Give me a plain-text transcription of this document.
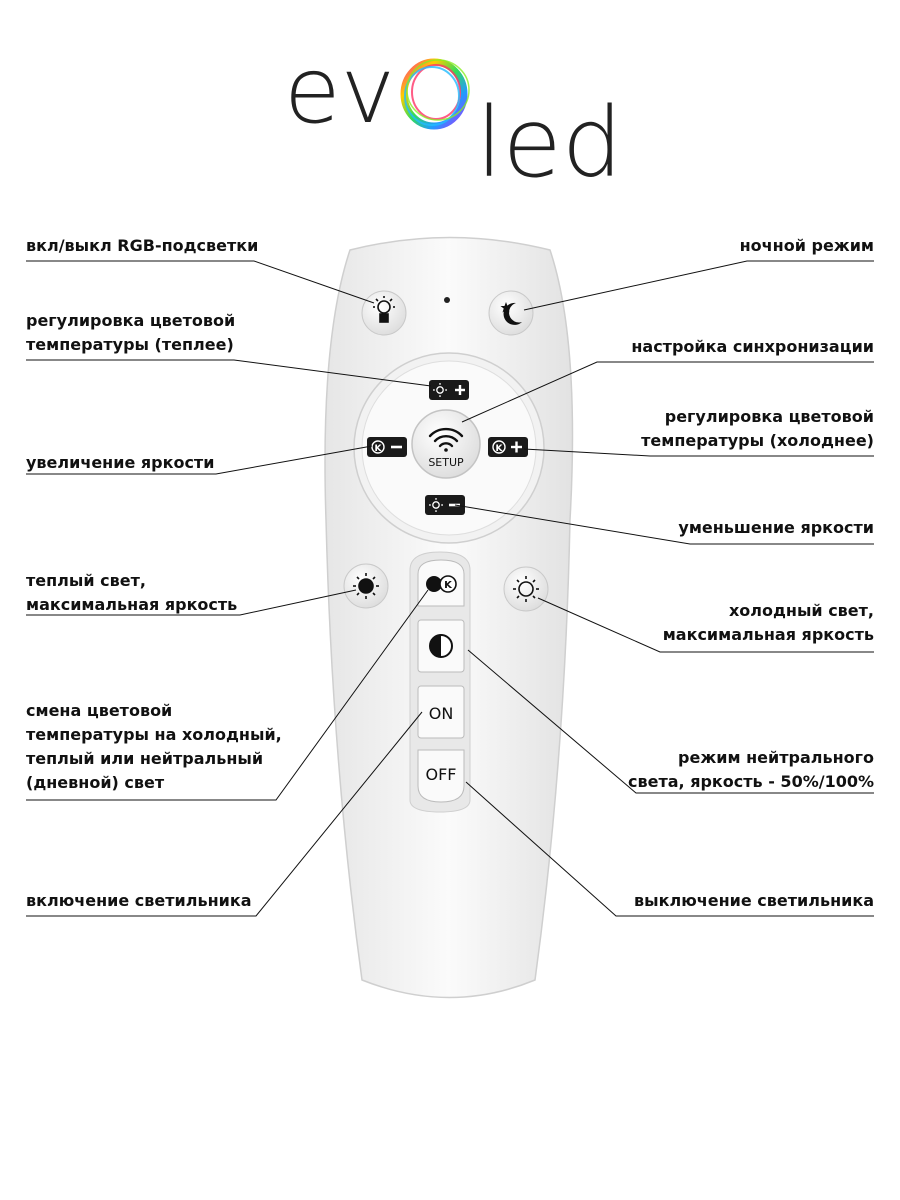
ev led
K
SETUP
K
K
ON
OFF
вкл/выкл RGB-подсветки	ночной режим
регулировка цветовой
температуры (теплее)	настройка синхронизации
регулировка цветовой
температуры (холоднее)
увеличение яркости
уменьшение яркости
теплый свет,
максимальная яркость	холодный свет,
максимальная яркость
смена цветовой
температуры на холодный,
теплый или нейтральный
(дневной) свет
режим нейтрального
света, яркость - 50%/100%
включение светильника	выключение светильника
